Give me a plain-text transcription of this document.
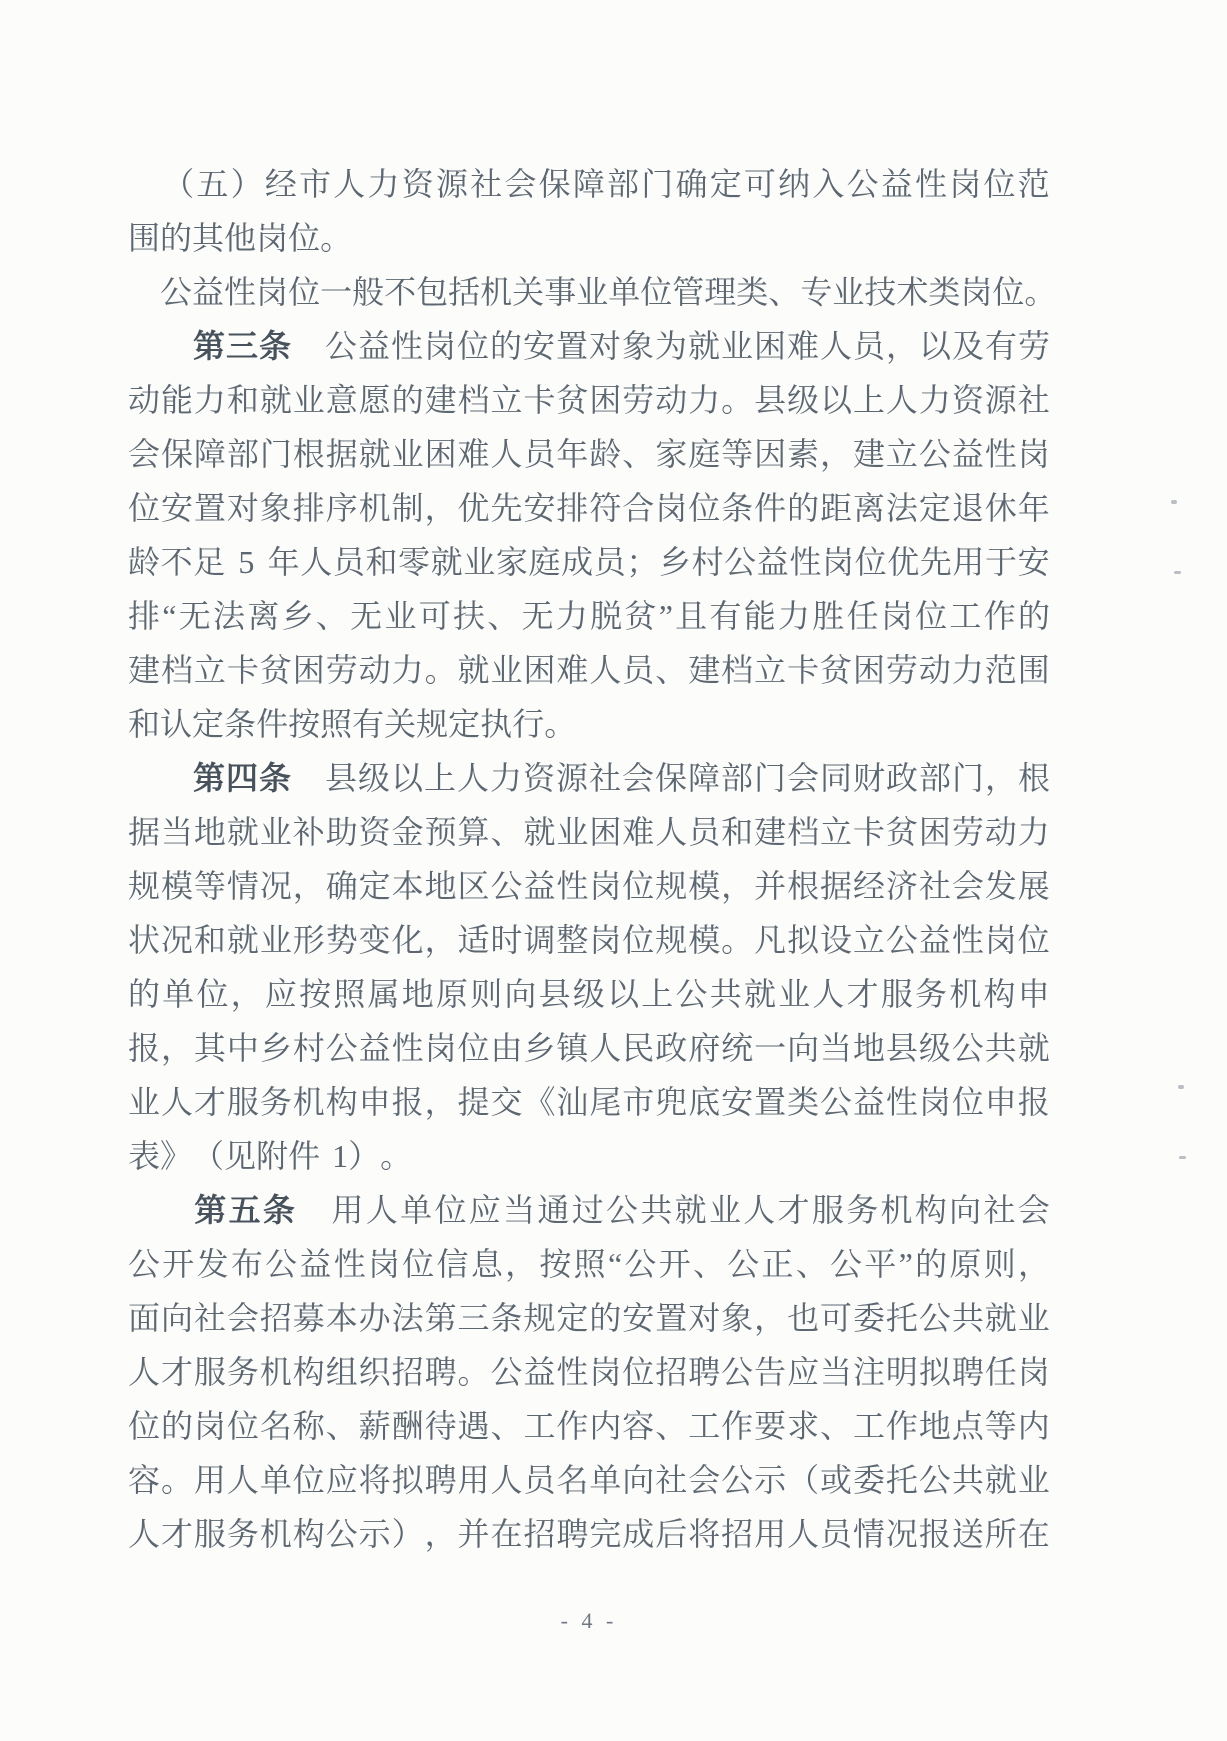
（ 五 ） 经 市 人 力 资 源 社 会 保 障 部 门 确 定 可 纳 入 公 益 性 岗 位 范
围 的 其 他 岗 位 。
公 益 性 岗 位 一 般 不 包 括 机 关 事 业 单 位 管 理 类 、 专 业 技 术 类 岗 位 。
第 三 条
　 公 益 性 岗 位 的 安 置 对 象 为 就 业 困 难 人 员 ， 以 及 有 劳
动 能 力 和 就 业 意 愿 的 建 档 立 卡 贫 困 劳 动 力 。 县 级 以 上 人 力 资 源 社
会 保 障 部 门 根 据 就 业 困 难 人 员 年 龄 、 家 庭 等 因 素 ， 建 立 公 益 性 岗
位 安 置 对 象 排 序 机 制 ， 优 先 安 排 符 合 岗 位 条 件 的 距 离 法 定 退 休 年
龄 不 足
5
年 人 员 和 零 就 业 家 庭 成 员 ； 乡 村 公 益 性 岗 位 优 先 用 于 安
排 “ 无 法 离 乡 、 无 业 可 扶 、 无 力 脱 贫 ” 且 有 能 力 胜 任 岗 位 工 作 的
建 档 立 卡 贫 困 劳 动 力 。 就 业 困 难 人 员 、 建 档 立 卡 贫 困 劳 动 力 范 围
和 认 定 条 件 按 照 有 关 规 定 执 行 。
第 四 条
　 县 级 以 上 人 力 资 源 社 会 保 障 部 门 会 同 财 政 部 门 ， 根
据 当 地 就 业 补 助 资 金 预 算 、 就 业 困 难 人 员 和 建 档 立 卡 贫 困 劳 动 力
规 模 等 情 况 ， 确 定 本 地 区 公 益 性 岗 位 规 模 ， 并 根 据 经 济 社 会 发 展
状 况 和 就 业 形 势 变 化 ， 适 时 调 整 岗 位 规 模 。 凡 拟 设 立 公 益 性 岗 位
的 单 位 ， 应 按 照 属 地 原 则 向 县 级 以 上 公 共 就 业 人 才 服 务 机 构 申
报 ， 其 中 乡 村 公 益 性 岗 位 由 乡 镇 人 民 政 府 统 一 向 当 地 县 级 公 共 就
业 人 才 服 务 机 构 申 报 ， 提 交 《 汕 尾 市 兜 底 安 置 类 公 益 性 岗 位 申 报
表 》 （ 见 附 件
1 ） 。
第 五 条
　 用 人 单 位 应 当 通 过 公 共 就 业 人 才 服 务 机 构 向 社 会
公 开 发 布 公 益 性 岗 位 信 息 ， 按 照 “ 公 开 、 公 正 、 公 平 ” 的 原 则 ，
面 向 社 会 招 募 本 办 法 第 三 条 规 定 的 安 置 对 象 ， 也 可 委 托 公 共 就 业
人 才 服 务 机 构 组 织 招 聘 。 公 益 性 岗 位 招 聘 公 告 应 当 注 明 拟 聘 任 岗
位 的 岗 位 名 称 、 薪 酬 待 遇 、 工 作 内 容 、 工 作 要 求 、 工 作 地 点 等 内
容 。 用 人 单 位 应 将 拟 聘 用 人 员 名 单 向 社 会 公 示 （ 或 委 托 公 共 就 业
人 才 服 务 机 构 公 示 ） ， 并 在 招 聘 完 成 后 将 招 用 人 员 情 况 报 送 所 在
- 4 -
